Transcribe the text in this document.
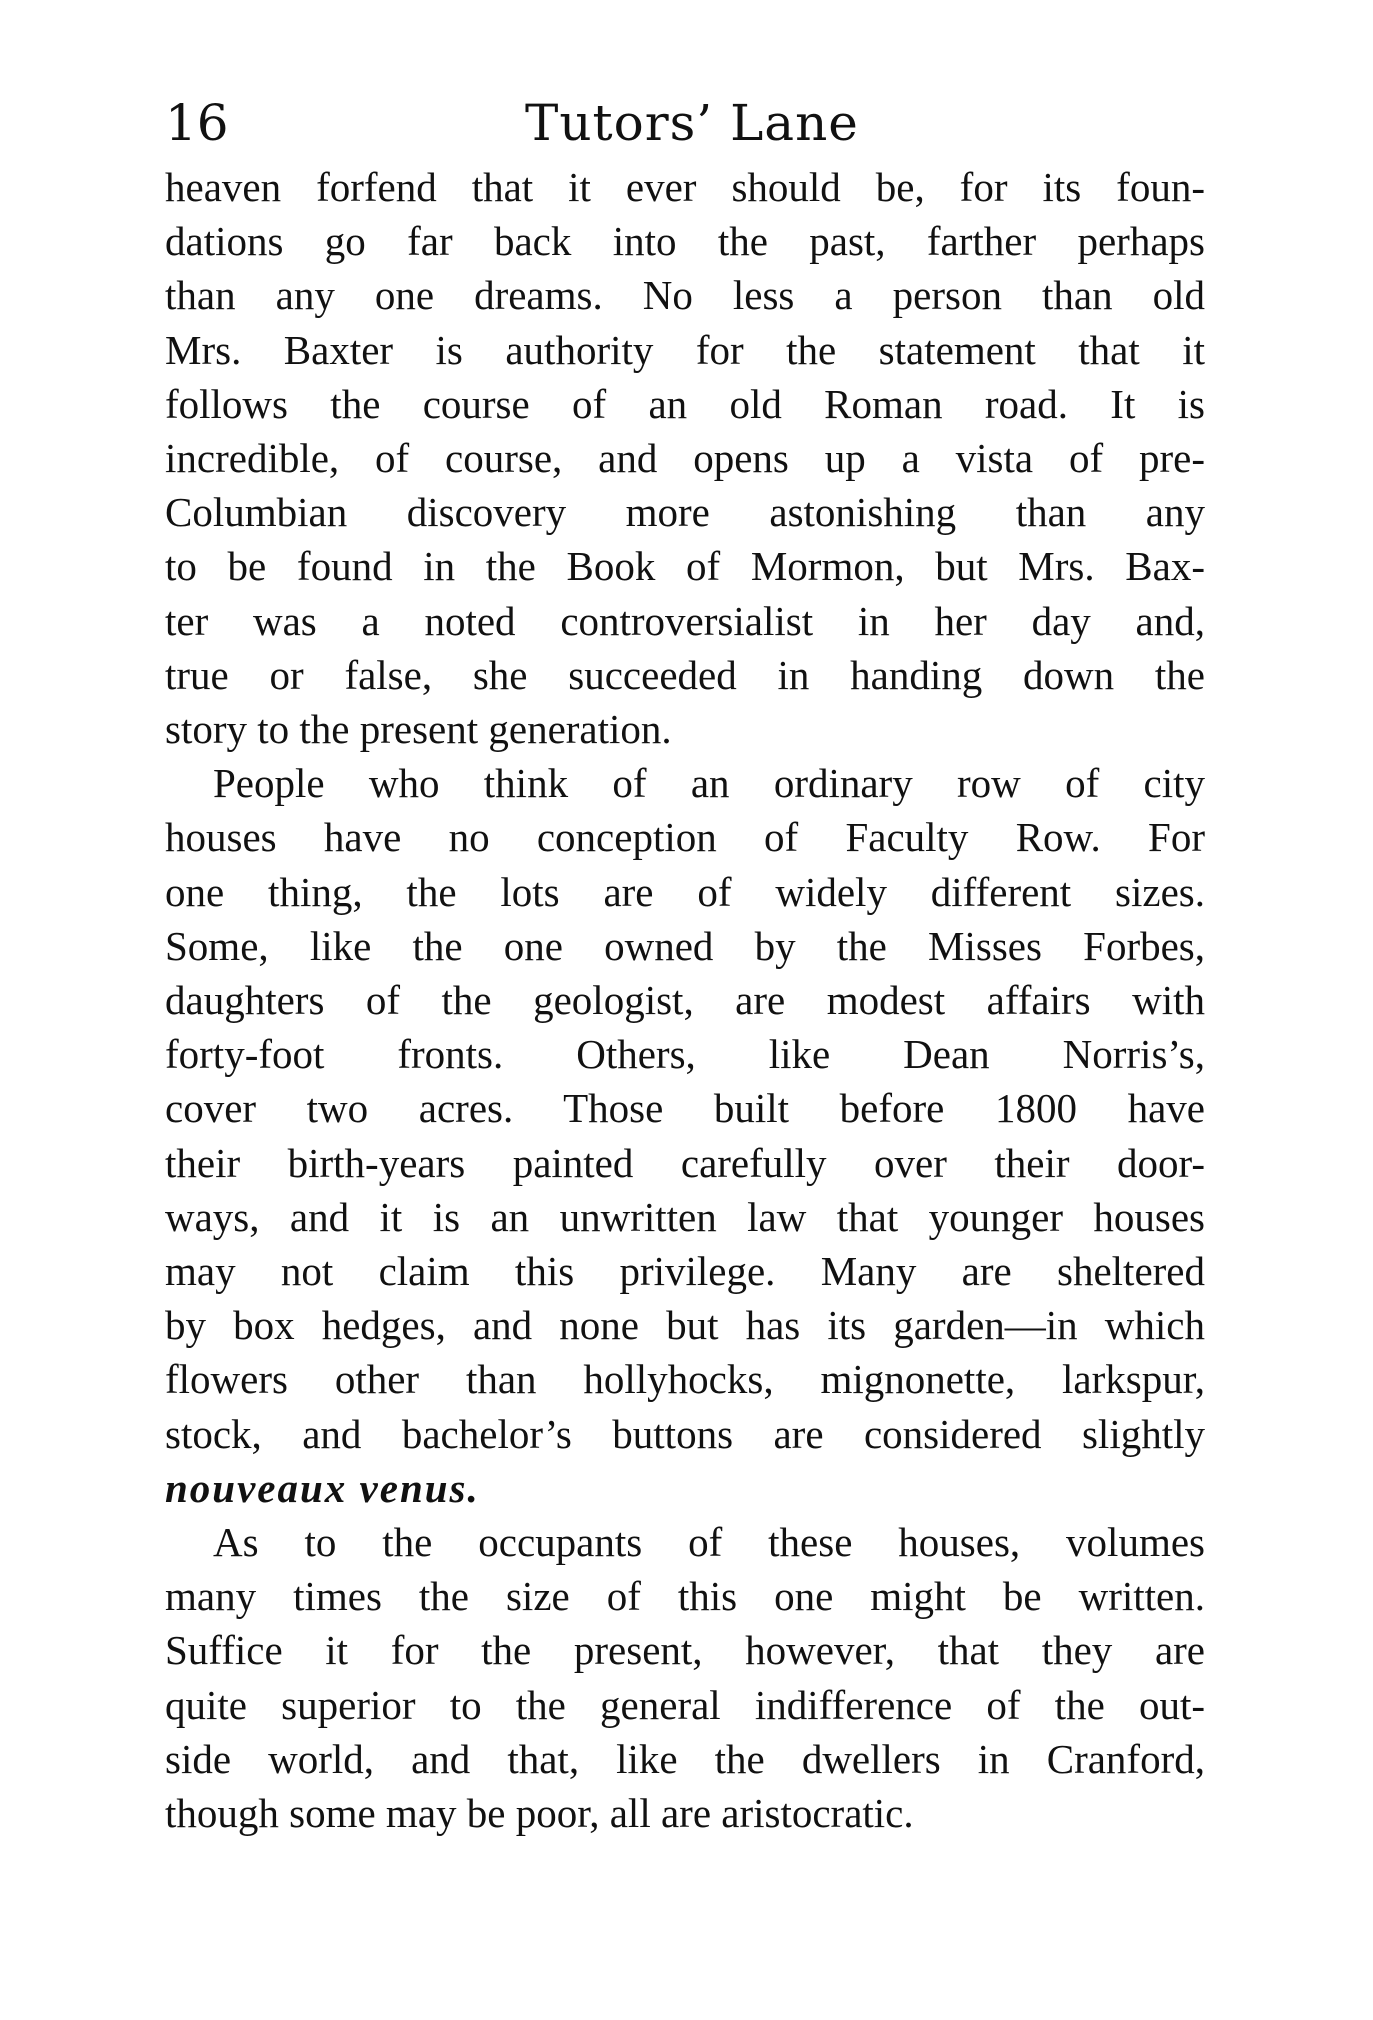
16	Tutors’ Lane

heaven forfend that it ever should be, for its foun-
dations go far back into the past, farther perhaps
than any one dreams. No less a person than old
Mrs. Baxter is authority for the statement that it
follows the course of an old Roman road. It is
incredible, of course, and opens up a vista of pre-
Columbian discovery more astonishing than any
to be found in the Book of Mormon, but Mrs. Bax-
ter was a noted controversialist in her day and,
true or false, she succeeded in handing down the
story to the present generation.

People who think of an ordinary row of city

houses have no conception of Faculty Row. For
one thing, the lots are of widely different sizes.
Some, like the one owned by the Misses Forbes,
daughters of the geologist, are modest affairs with
forty-foot fronts. Others, like Dean Norris’s,
cover two acres. Those built before 1800 have
their birth-years painted carefully over their door-
ways, and it is an unwritten law that younger houses
may not claim this privilege. Many are sheltered
by box hedges, and none but has its garden—in which
flowers other than hollyhocks, mignonette, larkspur,
stock, and bachelor’s buttons are considered slightly
nouveaux venus.

As to the occupants of these houses, volumes

many times the size of this one might be written.
Suffice it for the present, however, that they are
quite superior to the general indifference of the out-
side world, and that, like the dwellers in Cranford,
though some may be poor, all are aristocratic.
